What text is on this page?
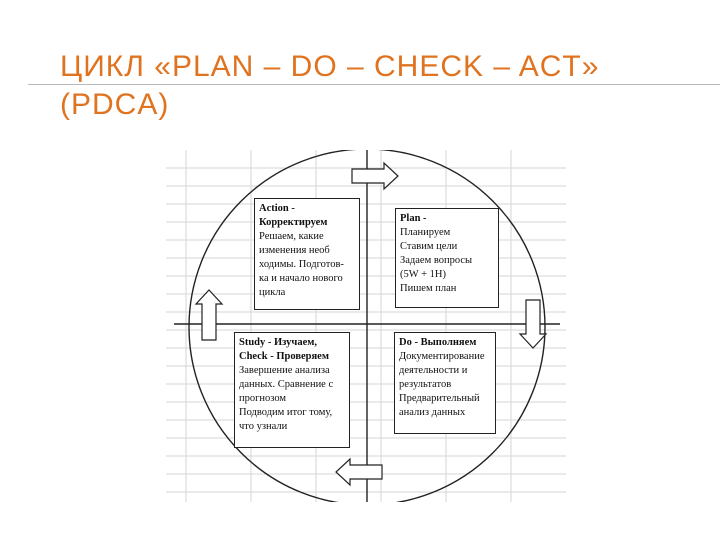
ЦИКЛ «PLAN – DO – CHECK – ACT»
(PDCA)
Action -
Корректируем
Решаем, какие
изменения необ
ходимы. Подготов-
ка и начало нового
цикла
Plan -
Планируем
Ставим цели
Задаем вопросы
(5W + 1H)
Пишем план
Study - Изучаем,
Check - Проверяем
Завершение анализа
данных. Сравнение с
прогнозом
Подводим итог тому,
что узнали
Do - Выполняем
Документирование
деятельности и
результатов
Предварительный
анализ данных
